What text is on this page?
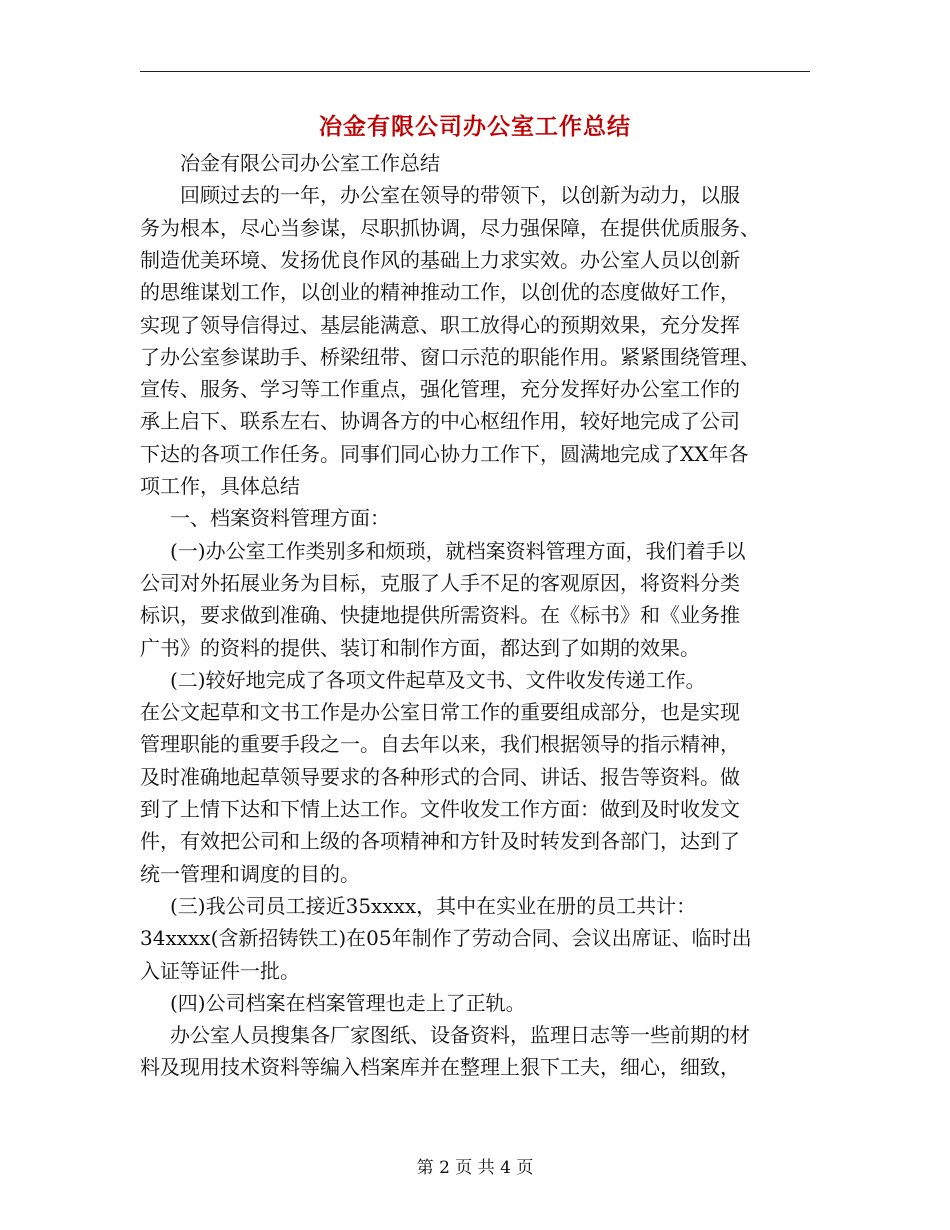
冶金有限公司办公室工作总结
冶金有限公司办公室工作总结
回顾过去的一年，办公室在领导的带领下，以创新为动力，以服
务为根本，尽心当参谋，尽职抓协调，尽力强保障，在提供优质服务、
制造优美环境、发扬优良作风的基础上力求实效。办公室人员以创新
的思维谋划工作，以创业的精神推动工作，以创优的态度做好工作，
实现了领导信得过、基层能满意、职工放得心的预期效果，充分发挥
了办公室参谋助手、桥梁纽带、窗口示范的职能作用。紧紧围绕管理、
宣传、服务、学习等工作重点，强化管理，充分发挥好办公室工作的
承上启下、联系左右、协调各方的中心枢纽作用，较好地完成了公司
下达的各项工作任务。同事们同心协力工作下，圆满地完成了XX年各
项工作，具体总结
一、档案资料管理方面：
(一)办公室工作类别多和烦琐，就档案资料管理方面，我们着手以
公司对外拓展业务为目标，克服了人手不足的客观原因，将资料分类
标识，要求做到准确、快捷地提供所需资料。在《标书》和《业务推
广书》的资料的提供、装订和制作方面，都达到了如期的效果。
(二)较好地完成了各项文件起草及文书、文件收发传递工作。
在公文起草和文书工作是办公室日常工作的重要组成部分，也是实现
管理职能的重要手段之一。自去年以来，我们根据领导的指示精神，
及时准确地起草领导要求的各种形式的合同、讲话、报告等资料。做
到了上情下达和下情上达工作。文件收发工作方面：做到及时收发文
件，有效把公司和上级的各项精神和方针及时转发到各部门，达到了
统一管理和调度的目的。
(三)我公司员工接近35xxxx，其中在实业在册的员工共计：
34xxxx(含新招铸铁工)在05年制作了劳动合同、会议出席证、临时出
入证等证件一批。
(四)公司档案在档案管理也走上了正轨。
办公室人员搜集各厂家图纸、设备资料，监理日志等一些前期的材
料及现用技术资料等编入档案库并在整理上狠下工夫，细心，细致，
第 2 页 共 4 页
